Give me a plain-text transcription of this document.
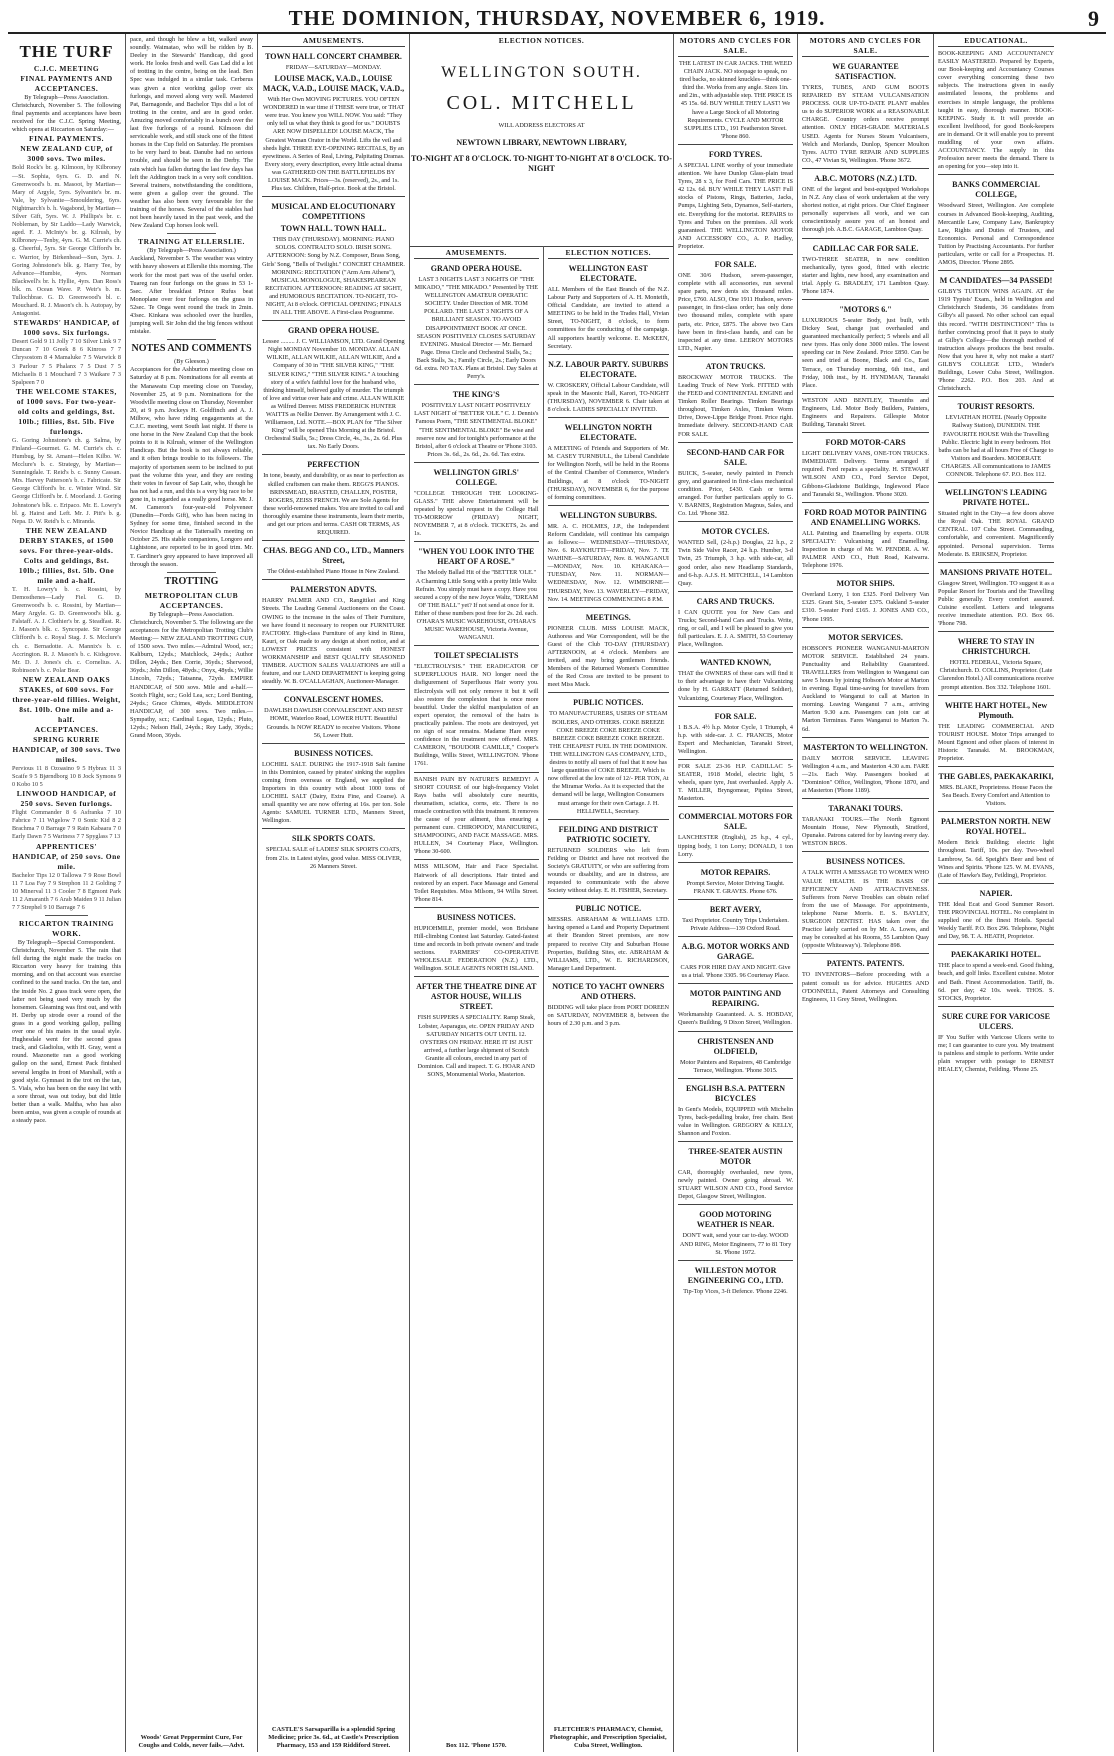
THE DOMINION, THURSDAY, NOVEMBER 6, 1919.	9
THE TURF
C.J.C. MEETING
FINAL PAYMENTS AND ACCEPTANCES.
By Telegraph—Press Association.
Christchurch, November 5. The following final payments and acceptances have been received for the C.J.C. Spring Meeting, which opens at Riccarton on Saturday:—
FINAL PAYMENTS.
NEW ZEALAND CUP, of 3000 sovs. Two miles.
Bold Rock's br. g. Kilmoon, by Kilbroney—St. Sophia, 6yrs. G. D. and N. Greenwood's b. m. Masoot, by Martian—Mary of Argyle, 5yrs. Sylvanite's br. m. Vale, by Sylvanite—Smouldering, 6yrs. Nightmarch's b. h. Vagabond, by Martian—Silver Gift, 5yrs. W. J. Phillips's br. c. Nobleman, by Sir Laddo—Lady Warwick, aged. F. J. McInty's br. g. Kilrush, by Kilbroney—Tenby, 4yrs. G. M. Currie's ch. g. Cheerful, 5yrs. Sir George Clifford's br. c. Warrior, by Birkenhead—Sun, 3yrs. J. Goring Johnstone's blk. g. Harry Tee, by Advance—Humbie, 4yrs. Norman Blackwell's br. h. Hyllie, 4yrs. Dan Ross's blk. m. Ocean Wave. P. Weir's b. m. Tullochbrae. G. D. Greenwood's bl. c. Mouchard. R. J. Mason's ch. h. Autopay, by Antagonist.
STEWARDS' HANDICAP, of 1000 sovs. Six furlongs.
Desert Gold 9 11 Jolly 7 10 Silver Link 9 7 Duncan 7 10 Greek 8 6 Kinross 7 7 Chrysostom 8 4 Mamaluke 7 5 Warwick 8 3 Parlour 7 5 Phalanx 7 5 Dust 7 5 Michaelis 8 1 Mouchard 7 3 Waikare 7 3 Spalpeen 7 0
THE WELCOME STAKES, of 1000 sovs. For two-year-old colts and geldings, 8st. 10lb.; fillies, 8st. 5lb. Five furlongs.
G. Goring Johnstone's ch. g. Salma, by Finland—Gourmet. G. M. Currie's ch. c. Humbug, by St. Amant—Helen Kilbo. W. Mcclure's b. c. Strategy, by Martian—Sunningdale. T. Reid's b. c. Sunny Cassan. Mrs. Harvey Patterson's b. c. Fabricate. Sir George Clifford's br. c. Winter Wind. Sir George Clifford's br. f. Moorland. J. Goring Johnstone's blk. c. Eripaco. Mr. E. Lowry's bl. g. Hairst and Left. Mr. J. Pitt's b. g. Nepa. D. W. Reid's b. c. Miranda.
THE NEW ZEALAND DERBY STAKES, of 1500 sovs. For three-year-olds. Colts and geldings, 8st. 10lb.; fillies, 8st. 5lb. One mile and a-half.
T. H. Lowry's b. c. Rossini, by Demosthenes—Lady Fiel. G. D. Greenwood's b. c. Rossini, by Martian—Mary Argyle. G. D. Greenwood's blk. g. Falstaff. A. J. Clothier's br. g. Steadfast. R. J. Mason's blk. c. Syncopate. Sir George Clifford's b. c. Royal Stag. J. S. Mcclure's ch. c. Bernadotte. A. Mannix's b. c. Accrington. R. J. Mason's b. c. Kidsgrove. Mr. D. J. Jones's ch. c. Cornelius. A. Robinson's b. c. Polar Bear.
NEW ZEALAND OAKS STAKES, of 600 sovs. For three-year-old fillies. Weight, 8st. 10lb. One mile and a-half.
ACCEPTANCES.
SPRING KURRIE HANDICAP, of 300 sovs. Two miles.
Pervious 11 8 Ozoasino 9 5 Hybrax 11 3 Scaife 9 5 Bjørndborg 10 8 Jock Symons 9 0 Kobo 10 5
LINWOOD HANDICAP, of 250 sovs. Seven furlongs.
Flight Commander 8 6 Asfranka 7 10 Fabrice 7 11 Wigelow 7 0 Sonic Kid 8 2 Brachma 7 0 Barrage 7 9 Rain Kabaara 7 0 Early Dawn 7 5 Wariness 7 7 Spyglass 7 13
APPRENTICES' HANDICAP, of 250 sovs. One mile.
Bachelor Tips 12 0 Tallowa 7 9 Rose Bowl 11 7 Loa Fay 7 9 Strephon 11 2 Golding 7 10 Minerval 11 3 Cooler 7 8 Egmont Park 11 2 Amaranth 7 6 Arab Maiden 9 11 Julian 7 7 Strephel 9 10 Barrage 7 6
RICCARTON TRAINING WORK.
By Telegraph—Special Correspondent.
Christchurch, November 5. The rain that fell during the night made the tracks on Riccarton very heavy for training this morning, and on that account was exercise confined to the sand tracks. On the tan, and the inside No. 2 grass track were open, the latter not being used very much by the horsemen. Gleaming was first out, and with H. Derby up strode over a round of the grass in a good working gallop, pulling over one of his mates in the usual style. Hughesdale went for the second grass track, and Gladiolus, with H. Gray, went a round. Mazonette ran a good working gallop on the sand, Ernest Pack finished several lengths in front of Marshall, with a good style. Gymnast in the trot on the tan, 5. Vials, who has been on the easy list with a sore throat, was out today, but did little better than a walk. Maltha, who has also been amiss, was given a couple of rounds at a steady pace.
pace, and though he blew a bit, walked away soundly. Waimatao, who will be ridden by B. Deeley in the Stewards' Handicap, did good work. He looks fresh and well. Gas Lad did a lot of trotting in the centre, being on the lead. Ben Spec was indulged in a similar task. Cerberus was given a nice working gallop over six furlongs, and moved along very well. Mastered Pat, Barnagonde, and Bachelor Tips did a lot of trotting in the centre, and are in good order. Amuzing moved comfortably in a bunch over the last five furlongs of a round. Kilmoon did serviceable work, and still stuck one of the fittest horses in the Cup field on Saturday. He promises to be very hard to beat. Danube had no serious trouble, and should be seen in the Derby. The rain which has fallen during the last few days has left the Addington track in a very soft condition. Several trainers, notwithstanding the conditions, were given a gallop over the ground. The weather has also been very favourable for the training of the horses. Several of the stables had not been heavily taxed in the past week, and the New Zealand Cup horses look well.
TRAINING AT ELLERSLIE.
(By Telegraph—Press Association.)
Auckland, November 5. The weather was wintry with heavy showers at Ellerslie this morning. The work for the most part was of the useful order. Tuareg ran four furlongs on the grass in 53 1-5sec. After breakfast Prince Rufus beat Monoplane over four furlongs on the grass in 52sec. Te Onga went round the track in 2min. 43sec. Kinkara was schooled over the hurdles, jumping well. Sir John did the big fences without mistake.
NOTES AND COMMENTS
(By Gleeson.)
Acceptances for the Ashburton meeting close on Saturday at 8 p.m. Nominations for all events at the Manawatu Cup meeting close on Tuesday, November 25, at 9 p.m. Nominations for the Woodville meeting close on Thursday, November 20, at 9 p.m. Jockeys H. Goldfinch and A. J. Milbow, who have riding engagements at the C.J.C. meeting, went South last night. If there is one horse in the New Zealand Cup that the book points to it is Kilrush, winner of the Wellington Handicap. But the book is not always reliable, and it often brings trouble to its followers. The majority of sportsmen seem to be inclined to put past the volume this year, and they are resting their votes in favour of Sap Lair, who, though he has not had a run, and this is a very big race to be gone in, is regarded as a really good horse. Mr. J. M. Cameron's four-year-old Polyveneer (Dunedin—Fords Gift), who has been racing in Sydney for some time, finished second in the Novice Handicap at the Tattersall's meeting on October 25. His stable companions, Longoro and Lightstone, are reported to be in good trim. Mr. T. Gardiner's grey appeared to have improved all through the season.
TROTTING
METROPOLITAN CLUB ACCEPTANCES.
By Telegraph—Press Association.
Christchurch, November 5. The following are the acceptances for the Metropolitan Trotting Club's Meeting:— NEW ZEALAND TROTTING CUP, of 1500 sovs. Two miles.—Admiral Wood, scr.; Kaliburn, 12yds.; Matchlock, 24yds.; Author Dillon, 24yds.; Ben Corrie, 36yds.; Sherwood, 36yds.; John Dillon, 48yds.; Onyx, 48yds.; Willie Lincoln, 72yds.; Tatsanna, 72yds. EMPIRE HANDICAP, of 500 sovs. Mile and a-half.—Scotch Flight, scr.; Gold Lea, scr.; Lord Bunting, 24yds.; Grace Chimes, 48yds. MIDDLETON HANDICAP, of 300 sovs. Two miles.—Sympathy, scr.; Cardinal Logan, 12yds.; Pluto, 12yds.; Nelson Hall, 24yds.; Rey Lady, 36yds.; Grand Moon, 36yds.
Woods' Great Peppermint Cure, For Coughs and Colds, never fails.—Advt.
AMUSEMENTS.
TOWN HALL CONCERT CHAMBER.
FRIDAY—SATURDAY—MONDAY.
LOUISE MACK, V.A.D., LOUISE MACK, V.A.D., LOUISE MACK, V.A.D.,
With Her Own MOVING PICTURES. YOU OFTEN WONDERED in war time if THESE were true, or THAT were true. You knew you WILL NOW. You said: "They only tell us what they think is good for us." DOUBTS ARE NOW DISPELLED! LOUISE MACK, The Greatest Woman Orator in the World. Lifts the veil and sheds light. THREE EYE-OPENING RECITALS, By an eyewitness. A Series of Real, Living, Palpitating Dramas. Every story, every description, every little actual drama was GATHERED ON THE BATTLEFIELDS BY LOUISE MACK. Prices—3s. (reserved), 2s., and 1s. Plus tax. Children, Half-price. Book at the Bristol.
MUSICAL AND ELOCUTIONARY COMPETITIONS
TOWN HALL. TOWN HALL.
THIS DAY (THURSDAY). MORNING: PIANO SOLOS. CONTRALTO SOLO. IRISH SONG. AFTERNOON: Song by N.Z. Composer, Brass Song, Girls' Song, "Bells of Twilight." CONCERT CHAMBER. MORNING: RECITATION ("Arm Arm Athens"), MUSICAL MONOLOGUE, SHAKESPEAREAN RECITATION. AFTERNOON: READING AT SIGHT, and HUMOROUS RECITATION. TO-NIGHT, TO-NIGHT, At 8 o'clock. OFFICIAL OPENING; FINALS IN ALL THE ABOVE. A First-class Programme.
GRAND OPERA HOUSE.
Lessee ......... J. C. WILLIAMSON, LTD. Grand Opening Night MONDAY November 10. MONDAY. ALLAN WILKIE, ALLAN WILKIE, ALLAN WILKIE, And a Company of 30 in "THE SILVER KING," "THE SILVER KING," "THE SILVER KING." A touching story of a wife's faithful love for the husband who, thinking himself, believed guilty of murder. The triumph of love and virtue over hate and crime. ALLAN WILKIE as Wilfred Denver. MISS FREDERICK HUNTER WAITTS as Nellie Denver. By Arrangement with J. C. Williamson, Ltd. NOTE.—BOX PLAN for "The Silver King" will be opened This Morning at the Bristol. Orchestral Stalls, 5s.; Dress Circle, 4s., 3s., 2s. 6d. Plus tax. No Early Doors.
PERFECTION
In tone, beauty, and durability, or as near to perfection as skilled craftsmen can make them. REGG'S PIANOS. BRINSMEAD, BRASTED, CHALLEN, FOSTER, ROGERS, ZEISS FRENCH. We are Sole Agents for these world-renowned makes. You are invited to call and thoroughly examine these instruments, learn their merits, and get our prices and terms. CASH OR TERMS, AS REQUIRED.
CHAS. BEGG AND CO., LTD., Manners Street,
The Oldest-established Piano House in New Zealand.
PALMERSTON ADVTS.
HARRY PALMER AND CO., Rangitikei and King Streets. The Leading General Auctioneers on the Coast. OWING to the increase in the sales of Their Furniture, we have found it necessary to reopen our FURNITURE FACTORY. High-class Furniture of any kind in Rimu, Kauri, or Oak made to any design at short notice, and at LOWEST PRICES consistent with HONEST WORKMANSHIP and BEST QUALITY SEASONED TIMBER. AUCTION SALES VALUATIONS are still a feature, and our LAND DEPARTMENT is keeping going steadily. W. B. O'CALLAGHAN, Auctioneer-Manager.
CONVALESCENT HOMES.
DAWLISH DAWLISH CONVALESCENT AND REST HOME, Waterloo Road, LOWER HUTT. Beautiful Grounds. Is NOW READY to receive Visitors. 'Phone 56, Lower Hutt.
BUSINESS NOTICES.
LOCHIEL SALT. DURING the 1917-1918 Salt famine in this Dominion, caused by pirates' sinking the supplies coming from overseas or England, we supplied the Importers in this country with about 1000 tons of LOCHIEL SALT (Dairy, Extra Fine, and Coarse). A small quantity we are now offering at 16s. per ton. Sole Agents: SAMUEL TURNER LTD., Manners Street, Wellington.
SILK SPORTS COATS.
SPECIAL SALE of LADIES' SILK SPORTS COATS, from 21s. in Latest styles, good value. MISS OLIVER, 26 Manners Street.
CASTLE'S Sarsaparilla is a splendid Spring Medicine; price 3s. 6d., at Castle's Prescription Pharmacy, 153 and 159 Riddiford Street.
ELECTION NOTICES.
WELLINGTON SOUTH.
COL. MITCHELL
WILL ADDRESS ELECTORS AT
NEWTOWN LIBRARY, NEWTOWN LIBRARY,
TO-NIGHT AT 8 O'CLOCK. TO-NIGHT TO-NIGHT AT 8 O'CLOCK. TO-NIGHT
AMUSEMENTS.
GRAND OPERA HOUSE.
LAST 3 NIGHTS LAST 3 NIGHTS OF "THE MIKADO," "THE MIKADO." Presented by THE WELLINGTON AMATEUR OPERATIC SOCIETY. Under Direction of MR. TOM POLLARD. THE LAST 3 NIGHTS OF A BRILLIANT SEASON. TO AVOID DISAPPOINTMENT BOOK AT ONCE. SEASON POSITIVELY CLOSES SATURDAY EVENING. Musical Director — Mr. Bernard Page. Dress Circle and Orchestral Stalls, 5s.; Back Stalls, 3s.; Family Circle, 2s.; Early Doors 6d. extra. NO TAX. Plans at Bristol. Day Sales at Perry's.
THE KING'S
POSITIVELY LAST NIGHT POSITIVELY LAST NIGHT of "BETTER 'OLE." C. J. Dennis's Famous Poem, "THE SENTIMENTAL BLOKE" "THE SENTIMENTAL BLOKE" Be wise and reserve now and for tonight's performance at the Bristol, after 6 o'clock at Theatre or 'Phone 3103. Prices 3s. 6d., 2s. 6d., 2s. 6d. Tax extra.
WELLINGTON GIRLS' COLLEGE.
"COLLEGE THROUGH THE LOOKING-GLASS." THE above Entertainment will be repeated by special request in the College Hall TO-MORROW (FRIDAY) NIGHT, NOVEMBER 7, at 8 o'clock. TICKETS, 2s. and 1s.
"WHEN YOU LOOK INTO THE HEART OF A ROSE."
The Melody Ballad Hit of the "BETTER 'OLE." A Charming Little Song with a pretty little Waltz Refrain. You simply must have a copy. Have you secured a copy of the new Joyce Waltz, "DREAM OF THE BALL" yet? If not send at once for it. Either of these numbers post free for 2s. 2d. each. O'HARA'S MUSIC WAREHOUSE, O'HARA'S MUSIC WAREHOUSE, Victoria Avenue, WANGANUI.
TOILET SPECIALISTS
"ELECTROLYSIS." THE ERADICATOR OF SUPERFLUOUS HAIR. NO longer need the disfigurement of Superfluous Hair worry you. Electrolysis will not only remove it but it will also restore the complexion that is once more beautiful. Under the skilful manipulation of an expert operator, the removal of the hairs is practically painless. The roots are destroyed, yet no sign of scar remains. Madame Hare every confidence in the treatment now offered. MRS. CAMERON, "BOUDOIR CAMILLE," Cooper's Buildings, Willis Street, WELLINGTON. 'Phone 1761.
BANISH PAIN BY NATURE'S REMEDY! A SHORT COURSE of our high-frequency Violet Rays baths will absolutely cure neuritis, rheumatism, sciatica, corns, etc. There is no muscle contraction with this treatment. It removes the cause of your ailment, thus ensuring a permanent cure. CHIROPODY, MANICURING, SHAMPOOING, AND FACE MASSAGE. MRS. HULLEN, 34 Courtenay Place, Wellington. 'Phone 30-600.
MISS MILSOM, Hair and Face Specialist. Hairwork of all descriptions. Hair tinted and restored by an expert. Face Massage and General Toilet Requisites. Miss Milsom, 94 Willis Street. 'Phone 814.
BUSINESS NOTICES.
HUPIOHMILE, premier model, won Brisbane Hill-climbing Contest last Saturday. Gated-fastest time and records in both private owners' and trade sections. FARMERS' CO-OPERATIVE WHOLESALE FEDERATION (N.Z.) LTD., Wellington. SOLE AGENTS NORTH ISLAND.
AFTER THE THEATRE DINE AT ASTOR HOUSE, WILLIS STREET.
FISH SUPPERS A SPECIALITY. Ramp Steak, Lobster, Asparagus, etc. OPEN FRIDAY AND SATURDAY NIGHTS OUT UNTIL 12. OYSTERS ON FRIDAY. HERE IT IS! JUST arrived, a further large shipment of Scotch Granite all colours, erected in any part of Dominion. Call and inspect. T. G. HOAR AND SONS, Monumental Works, Masterton.
Box 112. 'Phone 1570.
ELECTION NOTICES.
WELLINGTON EAST ELECTORATE.
ALL Members of the East Branch of the N.Z. Labour Party and Supporters of A. H. Monteith, Official Candidate, are invited to attend a MEETING to be held in the Trades Hall, Vivian Street, TO-NIGHT, 8 o'clock, to form committees for the conducting of the campaign. All supporters heartily welcome. E. McKEEN, Secretary.
N.Z. LABOUR PARTY. SUBURBS ELECTORATE.
W. CROSKERY, Official Labour Candidate, will speak in the Masonic Hall, Karori, TO-NIGHT (THURSDAY), NOVEMBER 6. Chair taken at 8 o'clock. LADIES SPECIALLY INVITED.
WELLINGTON NORTH ELECTORATE.
A MEETING of Friends and Supporters of Mr. M. CASEY TURNBULL, the Liberal Candidate for Wellington North, will be held in the Rooms of the Central Chamber of Commerce, Winder's Buildings, at 8 o'clock TO-NIGHT (THURSDAY), NOVEMBER 6, for the purpose of forming committees.
WELLINGTON SUBURBS.
MR. A. C. HOLMES, J.P., the Independent Reform Candidate, will continue his campaign as follows:— WEDNESDAY—THURSDAY, Nov. 6. RAYKHUTTI—FRIDAY, Nov. 7. TE WAHINE—SATURDAY, Nov. 8. WANGANUI—MONDAY, Nov. 10. KHAKAKA—TUESDAY, Nov. 11. NORMAN—WEDNESDAY, Nov. 12. WIMBORNE—THURSDAY, Nov. 13. WAVERLEY—FRIDAY, Nov. 14. MEETINGS COMMENCING 8 P.M.
MEETINGS.
PIONEER CLUB. MISS LOUISE MACK, Authoress and War Correspondent, will be the Guest of the Club TO-DAY (THURSDAY) AFTERNOON, at 4 o'clock. Members are invited, and may bring gentlemen friends. Members of the Returned Women's Committee of the Red Cross are invited to be present to meet Miss Mack.
PUBLIC NOTICES.
TO MANUFACTURERS, USERS OF STEAM BOILERS, AND OTHERS. COKE BREEZE COKE BREEZE COKE BREEZE COKE BREEZE COKE BREEZE COKE BREEZE. THE CHEAPEST FUEL IN THE DOMINION. THE WELLINGTON GAS COMPANY, LTD., desires to notify all users of fuel that it now has large quantities of COKE BREEZE. Which is now offered at the low rate of 12/- PER TON, At the Miramar Works. As it is expected that the demand will be large, Wellington Consumers must arrange for their own Cartage. J. H. HELLIWELL, Secretary.
FEILDING AND DISTRICT PATRIOTIC SOCIETY.
RETURNED SOLDIERS who left from Feilding or District and have not received the Society's GRATUITY, or who are suffering from wounds or disability, and are in distress, are requested to communicate with the above Society without delay. E. H. FISHER, Secretary.
PUBLIC NOTICE.
MESSRS. ABRAHAM & WILLIAMS LTD. having opened a Land and Property Department at their Brandon Street premises, are now prepared to receive City and Suburban House Properties, Building Sites, etc. ABRAHAM & WILLIAMS, LTD., W. E. RICHARDSON, Manager Land Department.
NOTICE TO YACHT OWNERS AND OTHERS.
BIDDING will take place from PORT DOREEN on SATURDAY, NOVEMBER 8, between the hours of 2.30 p.m. and 3 p.m.
FLETCHER'S PHARMACY, Chemist, Photographic, and Prescription Specialist, Cuba Street, Wellington.
MOTORS AND CYCLES FOR SALE.
THE LATEST IN CAR JACKS. THE WEED CHAIN JACK. NO stoopage to speak, no tired backs, no skinned knuckles—think one-third the. Works from any angle. Sizes 1in. and 2in., with adjustable step. THE PRICE IS 45 15s. 6d. BUY WHILE THEY LAST! We have a Large Stock of all Motoring Requirements. CYCLE AND MOTOR SUPPLIES LTD., 191 Featherston Street. 'Phone 860.
FORD TYRES.
A SPECIAL LINE worthy of your immediate attention. We have Dunlop Glass-plain tread Tyres, 28 x 3, for Ford Cars. THE PRICE IS 42 12s. 6d. BUY WHILE THEY LAST! Full stocks of Pistons, Rings, Batteries, Jacks, Pumps, Lighting Sets, Dynamos, Self-starters, etc. Everything for the motorist. REPAIRS to Tyres and Tubes on the premises. All work guaranteed. THE WELLINGTON MOTOR AND ACCESSORY CO., A. P. Hadley, Proprietor.
FOR SALE.
ONE 30/6 Hudson, seven-passenger, complete with all accessories, run several spare parts, new dents six thousand miles. Price, £760. ALSO, One 1911 Hudson, seven-passenger, in first-class order; has only done two thousand miles, complete with spare parts, etc. Price, £875. The above two Cars have been in first-class hands, and can be inspected at any time. LEEROY MOTORS LTD., Napier.
ATON TRUCKS.
BROCKWAY MOTOR TRUCKS. The Leading Truck of New York. FITTED with the FEED and CONTINENTAL ENGINE and Timken Roller Bearings. Timken Bearings throughout, Timken Axles, Timken Worm Drive, Dowe-Lippe Bridge Front. Price right. Immediate delivery. SECOND-HAND CAR FOR SALE.
SECOND-HAND CAR FOR SALE.
BUICK, 5-seater, newly painted in French grey, and guaranteed in first-class mechanical condition. Price, £430. Cash or terms arranged. For further particulars apply to G. V. BARNES, Registration Magnus, Sales, and Co. Ltd. 'Phone 382.
MOTOR CYCLES.
WANTED Sell, (2-h.p.) Douglas, 22 h.p., 2 Twin Side Valve Racer, 24 h.p. Humber, 3-d Twin, 25 Triumph, 3 h.p. with side-car, all good order, also new Headlamp Standards, and 6-h.p. A.J.S. H. MITCHELL, 14 Lambton Quay.
CARS AND TRUCKS.
I CAN QUOTE you for New Cars and Trucks; Second-hand Cars and Trucks. Write, ring, or call, and I will be pleased to give you full particulars. E. J. A. SMITH, 53 Courtenay Place, Wellington.
WANTED KNOWN,
THAT the OWNERS of these cars will find it to their advantage to have their Vulcanizing done by H. GARRATT (Returned Soldier), Vulcanizing, Courtenay Place, Wellington.
FOR SALE.
1 B.S.A. 4½ h.p. Motor Cycle, 1 Triumph, 4 h.p. with side-car. J. C. FRANCIS, Motor Expert and Mechanician, Taranaki Street, Wellington.
FOR SALE 23-36 H.P. CADILLAC 5-SEATER, 1918 Model, electric light, 5 wheels, spare tyre, Just overhauled. Apply A. T. MILLER, Bryngomear, Pipitea Street, Masterton.
COMMERCIAL MOTORS FOR SALE.
LANCHESTER (English), 25 h.p., 4 cyl., tipping body, 1 ton Lorry; DONALD, 1 ton Lorry.
MOTOR REPAIRS.
Prompt Service, Motor Driving Taught. FRANK T. GRAVES. Phone 676.
BERT AVERY,
Taxi Proprietor. Country Trips Undertaken. Private Address—139 Oxford Road.
A.B.G. MOTOR WORKS AND GARAGE.
CARS FOR HIRE DAY AND NIGHT. Give us a trial. 'Phone 3305. 96 Courtenay Place.
MOTOR PAINTING AND REPAIRING.
Workmanship Guaranteed. A. S. HOBDAY, Queen's Building, 9 Dixon Street, Wellington.
CHRISTENSEN AND OLDFIELD,
Motor Painters and Repairers, 48 Cambridge Terrace, Wellington. 'Phone 3015.
ENGLISH B.S.A. PATTERN BICYCLES
In Gent's Models, EQUIPPED with Michelin Tyres, back-pedalling brake, free chain. Best value in Wellington. GREGORY & KELLY, Shannon and Foxton.
THREE-SEATER AUSTIN MOTOR
CAR, thoroughly overhauled, new tyres, newly painted. Owner going abroad. W. STUART WILSON AND CO., Food Service Depot, Glasgow Street, Wellington.
GOOD MOTORING WEATHER IS NEAR.
DON'T wait, send your car to-day. WOOD AND RING, Motor Engineers, 77 to 81 Tory St. 'Phone 1972.
WILLESTON MOTOR ENGINEERING CO., LTD.
Tip-Top Vices, 3-ft Defence. 'Phone 2246.
MOTORS AND CYCLES FOR SALE.
WE GUARANTEE SATISFACTION.
TYRES, TUBES, AND GUM BOOTS REPAIRED BY STEAM VULCANISATION PROCESS. OUR UP-TO-DATE PLANT enables us to do SUPERIOR WORK at a REASONABLE CHARGE. Country orders receive prompt attention. ONLY HIGH-GRADE MATERIALS USED. Agents for Nurses Steam Vulcanisers, Welch and Morlands, Dunlop, Spencer Moulton Tyres. AUTO TYRE REPAIR AND SUPPLIES CO., 47 Vivian St, Wellington. 'Phone 3672.
A.B.C. MOTORS (N.Z.) LTD.
ONE of the largest and best-equipped Workshops in N.Z. Any class of work undertaken at the very shortest notice, at right prices. Our Chief Engineer personally supervises all work, and we can conscientiously assure you of an honest and thorough job. A.B.C. GARAGE, Lambton Quay.
CADILLAC CAR FOR SALE.
TWO-THREE SEATER, in new condition mechanically, tyres good, fitted with electric starter and lights, new hood, any examination and trial. Apply G. BRADLEY, 171 Lambton Quay. 'Phone 1874.
"MOTORS 6."
LUXURIOUS 5-seater Body, just built, with Dickey Seat, change just overhauled and guaranteed mechanically perfect; 5 wheels and all new tyres. Has only done 3000 miles. The lowest speeding car in New Zealand. Price £850. Can be seen and tried at Boone, Black and Co., East Terrace, on Thursday morning, 6th inst., and Friday, 10th inst., by H. HYNDMAN, Taranaki Place.
WESTON AND BENTLEY, Tinsmiths and Engineers, Ltd. Motor Body Builders, Painters, Engineers and Repairers. Gillespie Motor Building, Taranaki Street.
FORD MOTOR-CARS
LIGHT DELIVERY VANS, ONE-TON TRUCKS. IMMEDIATE Delivery. Terms arranged if required. Ford repairs a speciality. H. STEWART WILSON AND CO., Ford Service Depot, Gibbons-Gladstone Buildings, Inglewood Place and Taranaki St., Wellington. 'Phone 3020.
FORD ROAD MOTOR PAINTING AND ENAMELLING WORKS.
ALL Painting and Enamelling by experts. OUR SPECIALTY: Vulcanising and Enamelling. Inspection in charge of Mr. W. PENDER. A. W. PALMER AND CO., Hutt Road, Kaiwarra. Telephone 1976.
MOTOR SHIPS.
Overland Lorry, 1 ton £325. Ford Delivery Van £325. Grant Six, 5-seater £375. Oakland 5-seater £310. 5-seater Ford £165. J. JONES AND CO., 'Phone 1995.
MOTOR SERVICES.
HOBSON'S PIONEER WANGANUI-MARTON MOTOR SERVICE. Established 24 years. Punctuality and Reliability Guaranteed. TRAVELLERS from Wellington to Wanganui can save 5 hours by joining Hobson's Motor at Marton in evening. Equal time-saving for travellers from Auckland to Wanganui to call at Marton in morning. Leaving Wanganui 7 a.m., arriving Marton 9.30 a.m. Passengers can join car at Marton Terminus. Fares Wanganui to Marton 7s. 6d.
MASTERTON TO WELLINGTON.
DAILY MOTOR SERVICE. LEAVING Wellington 4 a.m., and Masterton 4.30 a.m. FARE—21s. Each Way. Passengers booked at "Dominion" Office, Wellington, 'Phone 1870, and at Masterton ('Phone 1189).
TARANAKI TOURS.
TARANAKI TOURS.—The North Egmont Mountain House, New Plymouth, Stratford, Opunake. Patrons catered for by leaving every day. WESTON BROS.
BUSINESS NOTICES.
A TALK WITH A MESSAGE TO WOMEN WHO VALUE HEALTH. IS THE BASIS OF EFFICIENCY AND ATTRACTIVENESS. Sufferers from Nerve Troubles can obtain relief from the use of Massage. For appointments, telephone Nurse Morris. E. S. BAYLEY, SURGEON DENTIST. HAS taken over the Practice lately carried on by Mr. A. Lowes, and may be consulted at his Rooms, 55 Lambton Quay (opposite Whiteaway's). Telephone 898.
PATENTS. PATENTS.
TO INVENTORS—Before proceeding with a patent consult us for advice. HUGHES AND O'DONNELL, Patent Attorneys and Consulting Engineers, 11 Grey Street, Wellington.
EDUCATIONAL.
BOOK-KEEPING AND ACCOUNTANCY EASILY MASTERED. Prepared by Experts, our Book-keeping and Accountancy Courses cover everything concerning these two subjects. The instructions given in easily assimilated lessons, the problems and exercises in simple language, the problems taught in easy, thorough manner. BOOK-KEEPING. Study it. It will provide an excellent livelihood, for good Book-keepers are in demand. Or it will enable you to prevent muddling of your own affairs. ACCOUNTANCY. The supply in this Profession never meets the demand. There is an opening for you—step into it.
BANKS COMMERCIAL COLLEGE,
Woodward Street, Wellington. Are complete courses in Advanced Book-keeping, Auditing, Mercantile Law, Company Law, Bankruptcy Law, Rights and Duties of Trustees, and Economics. Personal and Correspondence Tuition by Practising Accountants. For further particulars, write or call for a Prospectus. H. AMOS, Director. 'Phone 2895.
M CANDIDATES—34 PASSED!
GILBY'S TUITION WINS AGAIN. AT the 1919 Typists' Exam., held in Wellington and Christchurch Students, 36 candidates from Gilby's all passed. No other school can equal this record. "WITH DISTINCTION!" This is further convincing proof that it pays to study at Gilby's College—the thorough method of instruction always produces the best results. Now that you have it, why not make a start? GILBY'S COLLEGE LTD., Winder's Buildings, Lower Cuba Street, Wellington. 'Phone 2262. P.O. Box 203. And at Christchurch.
TOURIST RESORTS.
LEVIATHAN HOTEL (Nearly Opposite Railway Station), DUNEDIN. THE FAVOURITE HOUSE With the Travelling Public. Electric light in every bedroom. Hot baths can be had at all hours Free of Charge to Visitors and Boarders. MODERATE CHARGES. All communications to JAMES CONNOR. Telephone 67. P.O. Box 112.
WELLINGTON'S LEADING PRIVATE HOTEL.
Situated right in the City—a few doors above the Royal Oak. THE ROYAL GRAND CENTRAL. 107 Cuba Street. Commanding, comfortable, and convenient. Magnificently appointed. Personal supervision. Terms Moderate. B. ERIKSEN, Proprietor.
MANSIONS PRIVATE HOTEL.
Glasgow Street, Wellington. TO suggest it as a Popular Resort for Tourists and the Travelling Public generally. Every comfort assured. Cuisine excellent. Letters and telegrams receive immediate attention. P.O. Box 66. 'Phone 798.
WHERE TO STAY IN CHRISTCHURCH.
HOTEL FEDERAL, Victoria Square, Christchurch. D. COLLINS, Proprietor. (Late Clarendon Hotel.) All communications receive prompt attention. Box 332. Telephone 1601.
WHITE HART HOTEL, New Plymouth.
THE LEADING COMMERCIAL AND TOURIST HOUSE. Motor Trips arranged to Mount Egmont and other places of interest in Historic Taranaki. M. BROOKMAN, Proprietor.
THE GABLES, PAEKAKARIKI,
MRS. BLAKE, Proprietress. House Faces the Sea Beach. Every Comfort and Attention to Visitors.
PALMERSTON NORTH. NEW ROYAL HOTEL.
Modern Brick Building; electric light throughout. Tariff, 10s. per day. Two-wheel Lambrow, 5s. 6d. Speight's Beer and best of Wines and Spirits. 'Phone 125. W. M. EVANS, (Late of Hawke's Bay, Feilding), Proprietor.
NAPIER.
THE Ideal Ecat and Good Summer Resort. THE PROVINCIAL HOTEL. No complaint in supplied one of the finest Hotels. Special Weekly Tariff. P.O. Box 296. Telephone, Night and Day, 98. T. A. HEATH, Proprietor.
PAEKAKARIKI HOTEL.
THE place to spend a week-end. Good fishing, beach, and golf links. Excellent cuisine. Motor and Bath. Finest Accommodation. Tariff, 8s. 6d. per day; 42 10s. week. THOS. S. STOCKS, Proprietor.
SURE CURE FOR VARICOSE ULCERS.
IF You Suffer with Varicose Ulcers write to me; I can guarantee to cure you. My treatment is painless and simple to perform. Write under plain wrapper with postage to ERNEST HEALEY, Chemist, Feilding. 'Phone 25.
